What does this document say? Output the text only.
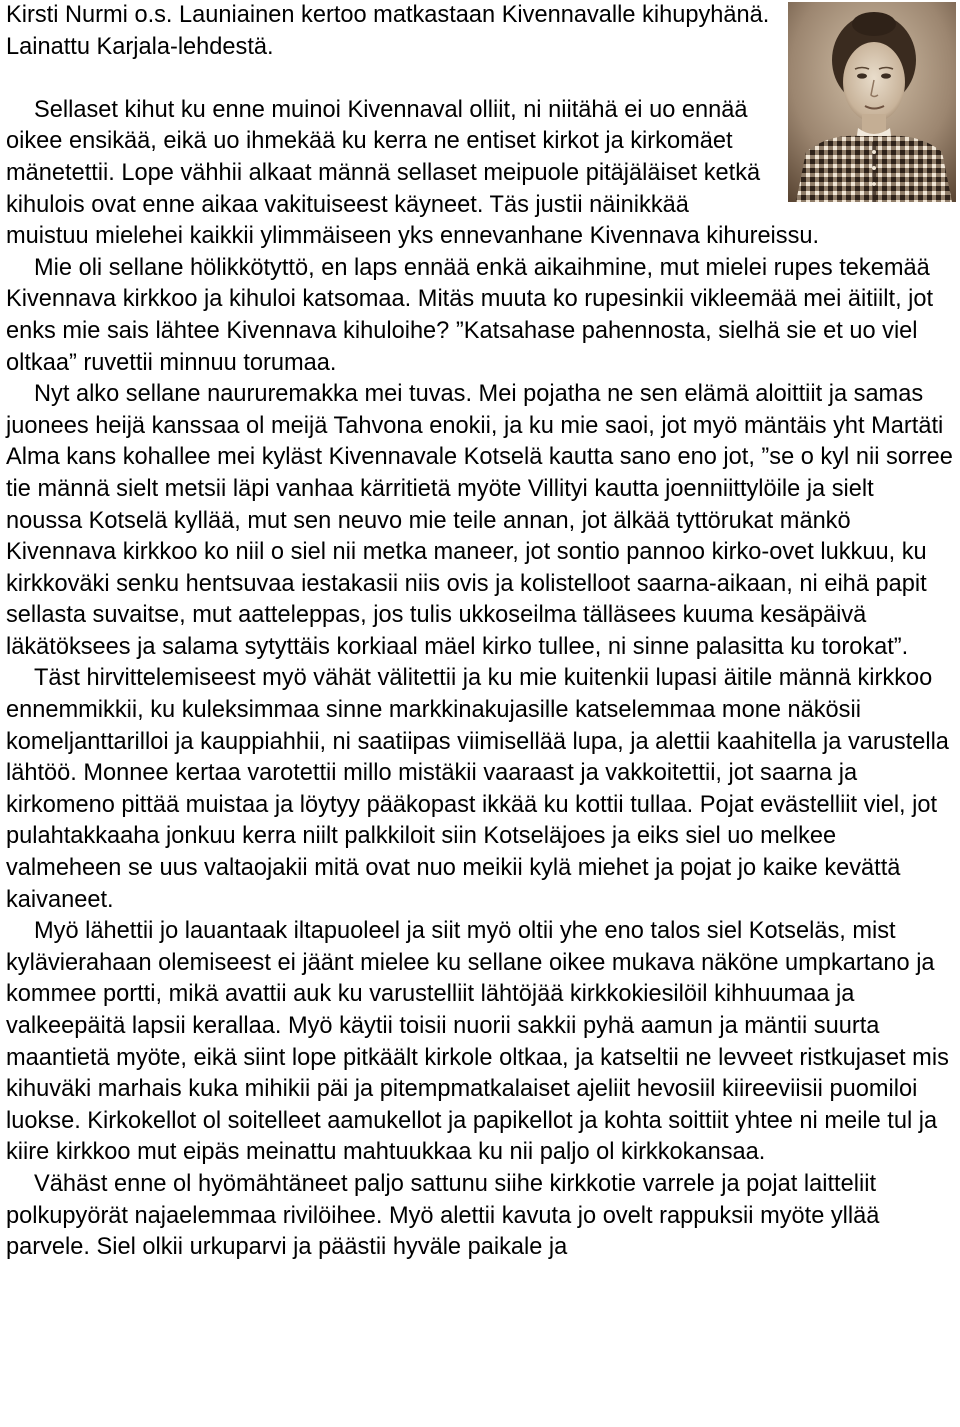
Kirsti Nurmi o.s. Launiainen kertoo matkastaan Kivennavalle kihupyhänä. Lainattu Karjala-lehdestä.

Sellaset kihut ku enne muinoi Kivennaval olliit, ni niitähä ei uo ennää oikee ensikää, eikä uo ihmekää ku kerra ne entiset kirkot ja kirkomäet mänetettii. Lope vähhii alkaat männä sellaset meipuole pitäjäläiset ketkä kihulois ovat enne aikaa vakituiseest käyneet. Täs justii näinikkää muistuu mielehei kaikkii ylimmäiseen yks ennevanhane Kivennava kihureissu.

Mie oli sellane hölikkötyttö, en laps ennää enkä aikaihmine, mut mielei rupes tekemää Kivennava kirkkoo ja kihuloi katsomaa. Mitäs muuta ko rupesinkii vikleemää mei äitiilt, jot enks mie sais lähtee Kivennava kihuloihe? ”Katsahase pahennosta, sielhä sie et uo viel oltkaa” ruvettii minnuu torumaa.

Nyt alko sellane naururemakka mei tuvas. Mei pojatha ne sen elämä aloittiit ja samas juonees heijä kanssaa ol meijä Tahvona enokii, ja ku mie saoi, jot myö mäntäis yht Martäti Alma kans kohallee mei kyläst Kivennavale Kotselä kautta sano eno jot, ”se o kyl nii sorree tie männä sielt metsii läpi vanhaa kärritietä myöte Villityi kautta joenniittylöile ja sielt noussa Kotselä kyllää, mut sen neuvo mie teile annan, jot älkää tyttörukat mänkö Kivennava kirkkoo ko niil o siel nii metka maneer, jot sontio pannoo kirko-ovet lukkuu, ku kirkkoväki senku hentsuvaa iestakasii niis ovis ja kolistelloot saarna-aikaan, ni eihä papit sellasta suvaitse, mut aatteleppas, jos tulis ukkoseilma tälläsees kuuma kesäpäivä läkätöksees ja salama sytyttäis korkiaal mäel kirko tullee, ni sinne palasitta ku torokat”.

Täst hirvittelemiseest myö vähät välitettii ja ku mie kuitenkii lupasi äitile männä kirkkoo ennemmikkii, ku kuleksimmaa sinne markkinakujasille katselemmaa mone näkösii komeljanttarilloi ja kauppiahhii, ni saatiipas viimisellää lupa, ja alettii kaahitella ja varustella lähtöö. Monnee kertaa varotettii millo mistäkii vaaraast ja vakkoitettii, jot saarna ja kirkomeno pittää muistaa ja löytyy pääkopast ikkää ku kottii tullaa. Pojat evästelliit viel, jot pulahtakkaaha jonkuu kerra niilt palkkiloit siin Kotseläjoes ja eiks siel uo melkee valmeheen se uus valtaojakii mitä ovat nuo meikii kylä miehet ja pojat jo kaike kevättä kaivaneet.

Myö lähettii jo lauantaak iltapuoleel ja siit myö oltii yhe eno talos siel Kotseläs, mist kylävierahaan olemiseest ei jäänt mielee ku sellane oikee mukava näköne umpkartano ja kommee portti, mikä avattii auk ku varustelliit lähtöjää kirkkokiesilöil kihhuumaa ja valkeepäitä lapsii kerallaa. Myö käytii toisii nuorii sakkii pyhä aamun ja mäntii suurta maantietä myöte, eikä siint lope pitkäält kirkole oltkaa, ja katseltii ne levveet ristkujaset mis kihuväki marhais kuka mihikii päi ja pitempmatkalaiset ajeliit hevosiil kiireeviisii puomiloi luokse. Kirkokellot ol soitelleet aamukellot ja papikellot ja kohta soittiit yhtee ni meile tul ja kiire kirkkoo mut eipäs meinattu mahtuukkaa ku nii paljo ol kirkkokansaa.

Vähäst enne ol hyömähtäneet paljo sattunu siihe kirkkotie varrele ja pojat laitteliit polkupyörät najaelemmaa rivilöihee. Myö alettii kavuta jo ovelt rappuksii myöte yllää parvele. Siel olkii urkuparvi ja päästii hyväle paikale ja
